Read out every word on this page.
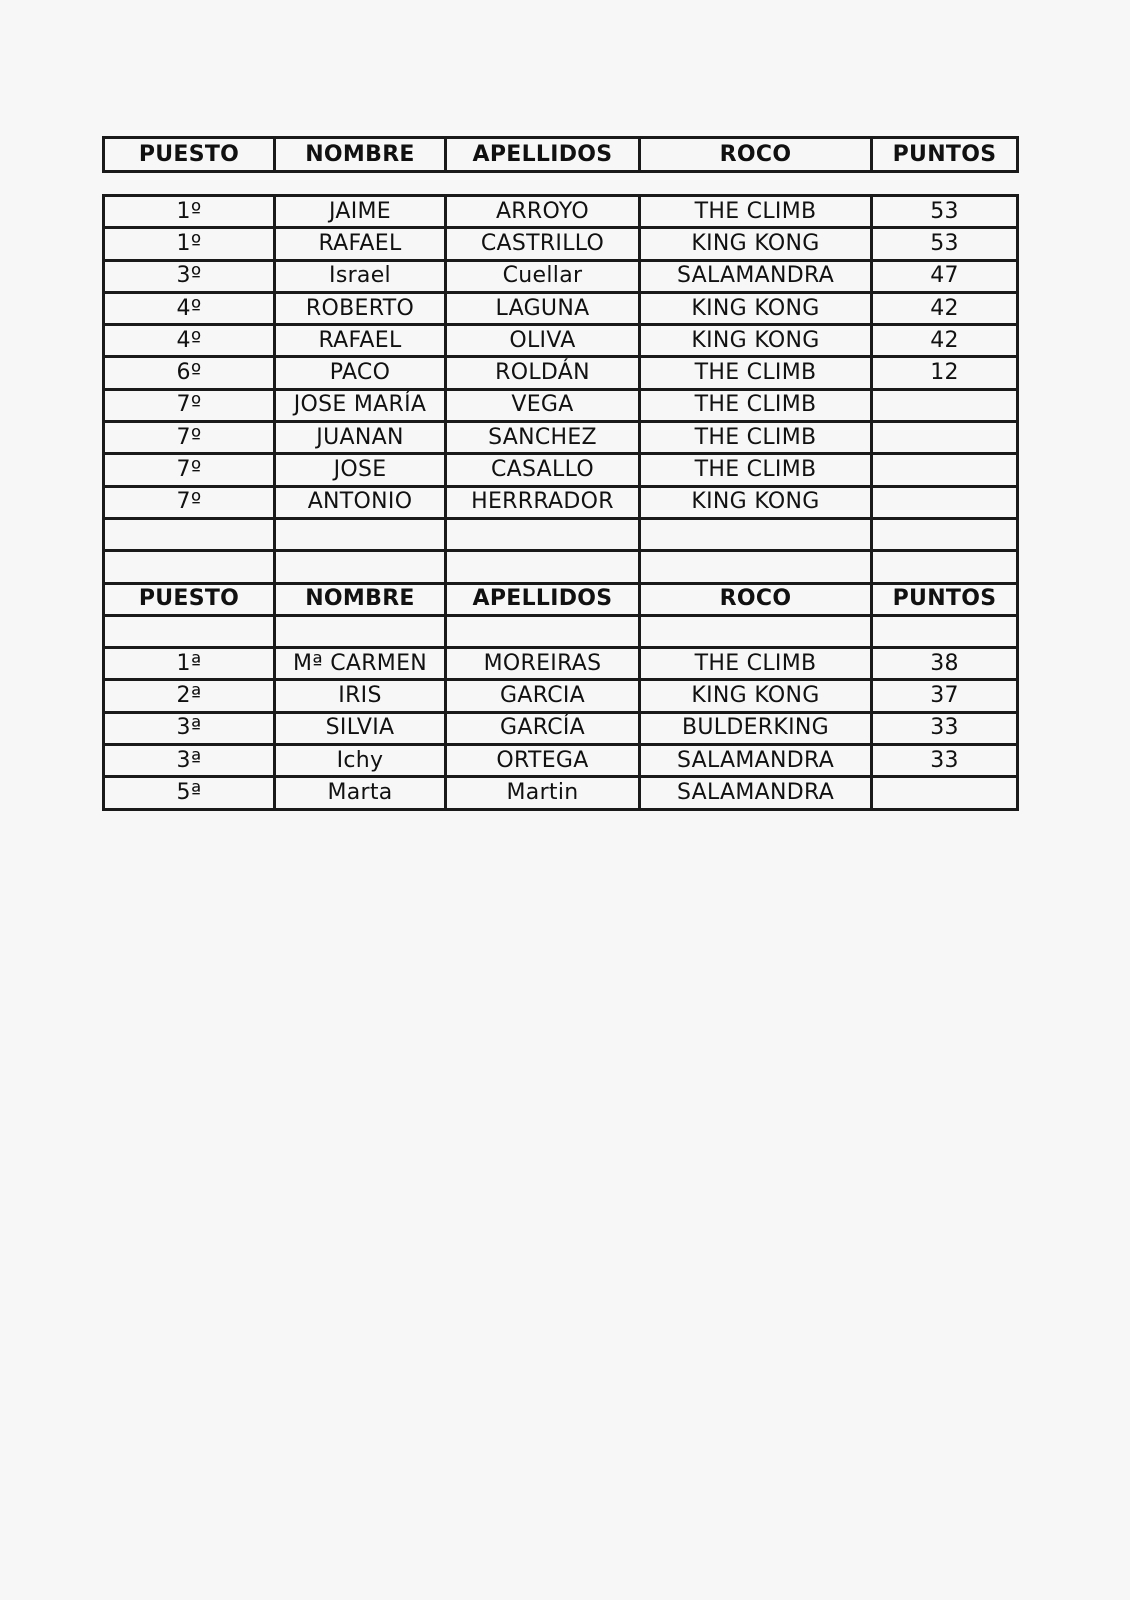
PUESTO	NOMBRE	APELLIDOS	ROCO	PUNTOS
1º	JAIME	ARROYO	THE CLIMB	53
1º	RAFAEL	CASTRILLO	KING KONG	53
3º	Israel	Cuellar	SALAMANDRA	47
4º	ROBERTO	LAGUNA	KING KONG	42
4º	RAFAEL	OLIVA	KING KONG	42
6º	PACO	ROLDÁN	THE CLIMB	12
7º	JOSE MARÍA	VEGA	THE CLIMB	
7º	JUANAN	SANCHEZ	THE CLIMB	
7º	JOSE	CASALLO	THE CLIMB	
7º	ANTONIO	HERRRADOR	KING KONG	

PUESTO	NOMBRE	APELLIDOS	ROCO	PUNTOS

1ª	Mª CARMEN	MOREIRAS	THE CLIMB	38
2ª	IRIS	GARCIA	KING KONG	37
3ª	SILVIA	GARCÍA	BULDERKING	33
3ª	Ichy	ORTEGA	SALAMANDRA	33
5ª	Marta	Martin	SALAMANDRA	
